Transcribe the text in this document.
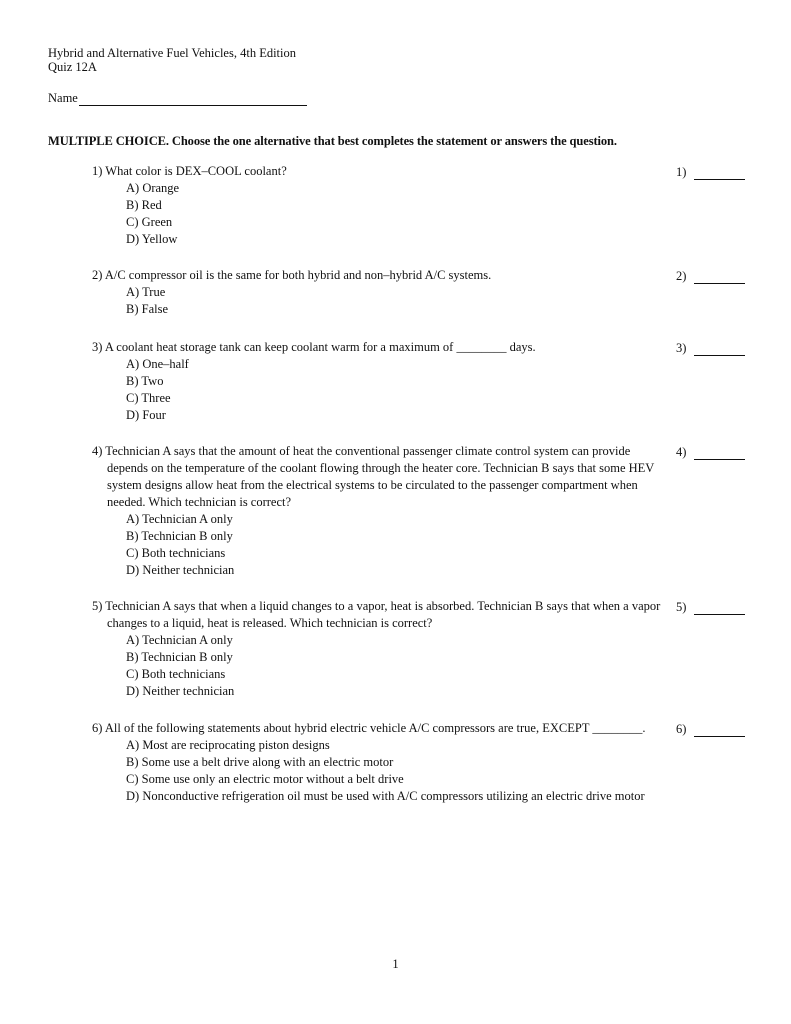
Hybrid and Alternative Fuel Vehicles, 4th Edition
Quiz 12A
Name
MULTIPLE CHOICE. Choose the one alternative that best completes the statement or answers the question.
1) What color is DEX–COOL coolant?
A) Orange
B) Red
C) Green
D) Yellow
1)
2) A/C compressor oil is the same for both hybrid and non–hybrid A/C systems.
A) True
B) False
2)
3) A coolant heat storage tank can keep coolant warm for a maximum of ________ days.
A) One–half
B) Two
C) Three
D) Four
3)
4) Technician A says that the amount of heat the conventional passenger climate control system can provide depends on the temperature of the coolant flowing through the heater core. Technician B says that some HEV system designs allow heat from the electrical systems to be circulated to the passenger compartment when needed. Which technician is correct?
A) Technician A only
B) Technician B only
C) Both technicians
D) Neither technician
4)
5) Technician A says that when a liquid changes to a vapor, heat is absorbed. Technician B says that when a vapor changes to a liquid, heat is released. Which technician is correct?
A) Technician A only
B) Technician B only
C) Both technicians
D) Neither technician
5)
6) All of the following statements about hybrid electric vehicle A/C compressors are true, EXCEPT ________.
A) Most are reciprocating piston designs
B) Some use a belt drive along with an electric motor
C) Some use only an electric motor without a belt drive
D) Nonconductive refrigeration oil must be used with A/C compressors utilizing an electric drive motor
6)
1
